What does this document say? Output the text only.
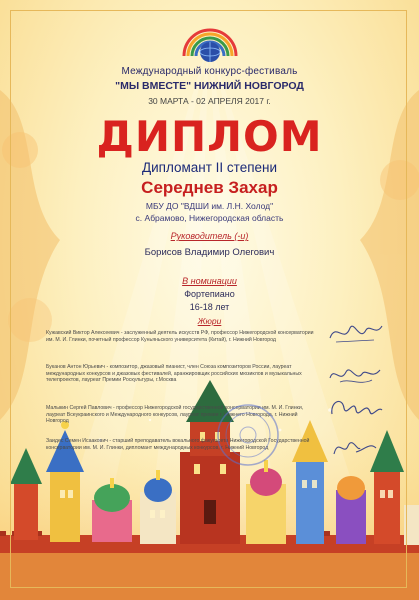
Международный конкурс-фестиваль
"МЫ ВМЕСТЕ" НИЖНИЙ НОВГОРОД
30 МАРТА - 02 АПРЕЛЯ 2017 г.
ДИПЛОМ
Дипломант II степени
Середнев Захар
МБУ ДО "ВДШИ им. Л.Н. Холод"
с. Абрамово, Нижегородская область
Руководитель (-и)
Борисов Владимир Олегович
В номинации
Фортепиано
16-18 лет
Жюри
Кужавский Виктор Алексеевич - заслуженный деятель искусств РФ, профессор Нижегородской консерватории им. М. И. Глинки, почетный профессор Куньяньского университета (Китай), г. Нижний Новгород
Буканов Антон Юрьевич - композитор, джазовый пианист, член Союза композиторов России, лауреат международных конкурсов и джазовых фестивалей, аранжировщик российских мюзиклов и музыкальных телепроектов, лауреат Премии Роскультуры, г.Москва
Малыкин Сергей Павлович - профессор Нижегородской государственной консерватории им. М. И. Глинки, лауреат Всеукраинского и Международного конкурсов, лауреат премии г. Нижнего Новгорода, г. Нижний Новгород
Заидес Семен Исаакович - старший преподаватель вокального факультета Нижегородской Государственной консерватории им. М. И. Глинки, дипломант международных конкурсов, г. Нижний Новгород
